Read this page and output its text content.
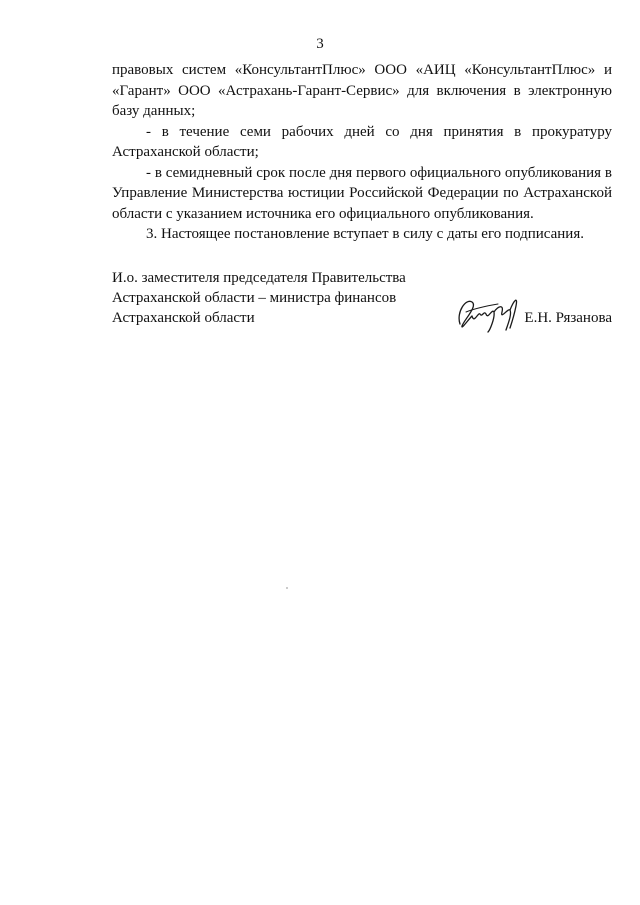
3

правовых систем «КонсультантПлюс» ООО «АИЦ «КонсультантПлюс» и «Гарант» ООО «Астрахань-Гарант-Сервис» для включения в электронную базу данных;

- в течение семи рабочих дней со дня принятия в прокуратуру Астраханской области;

- в семидневный срок после дня первого официального опубликования в Управление Министерства юстиции Российской Федерации по Астраханской области с указанием источника его официального опубликования.

3. Настоящее постановление вступает в силу с даты его подписания.

И.о. заместителя председателя Правительства
Астраханской области – министра финансов
Астраханской области	Е.Н. Рязанова
